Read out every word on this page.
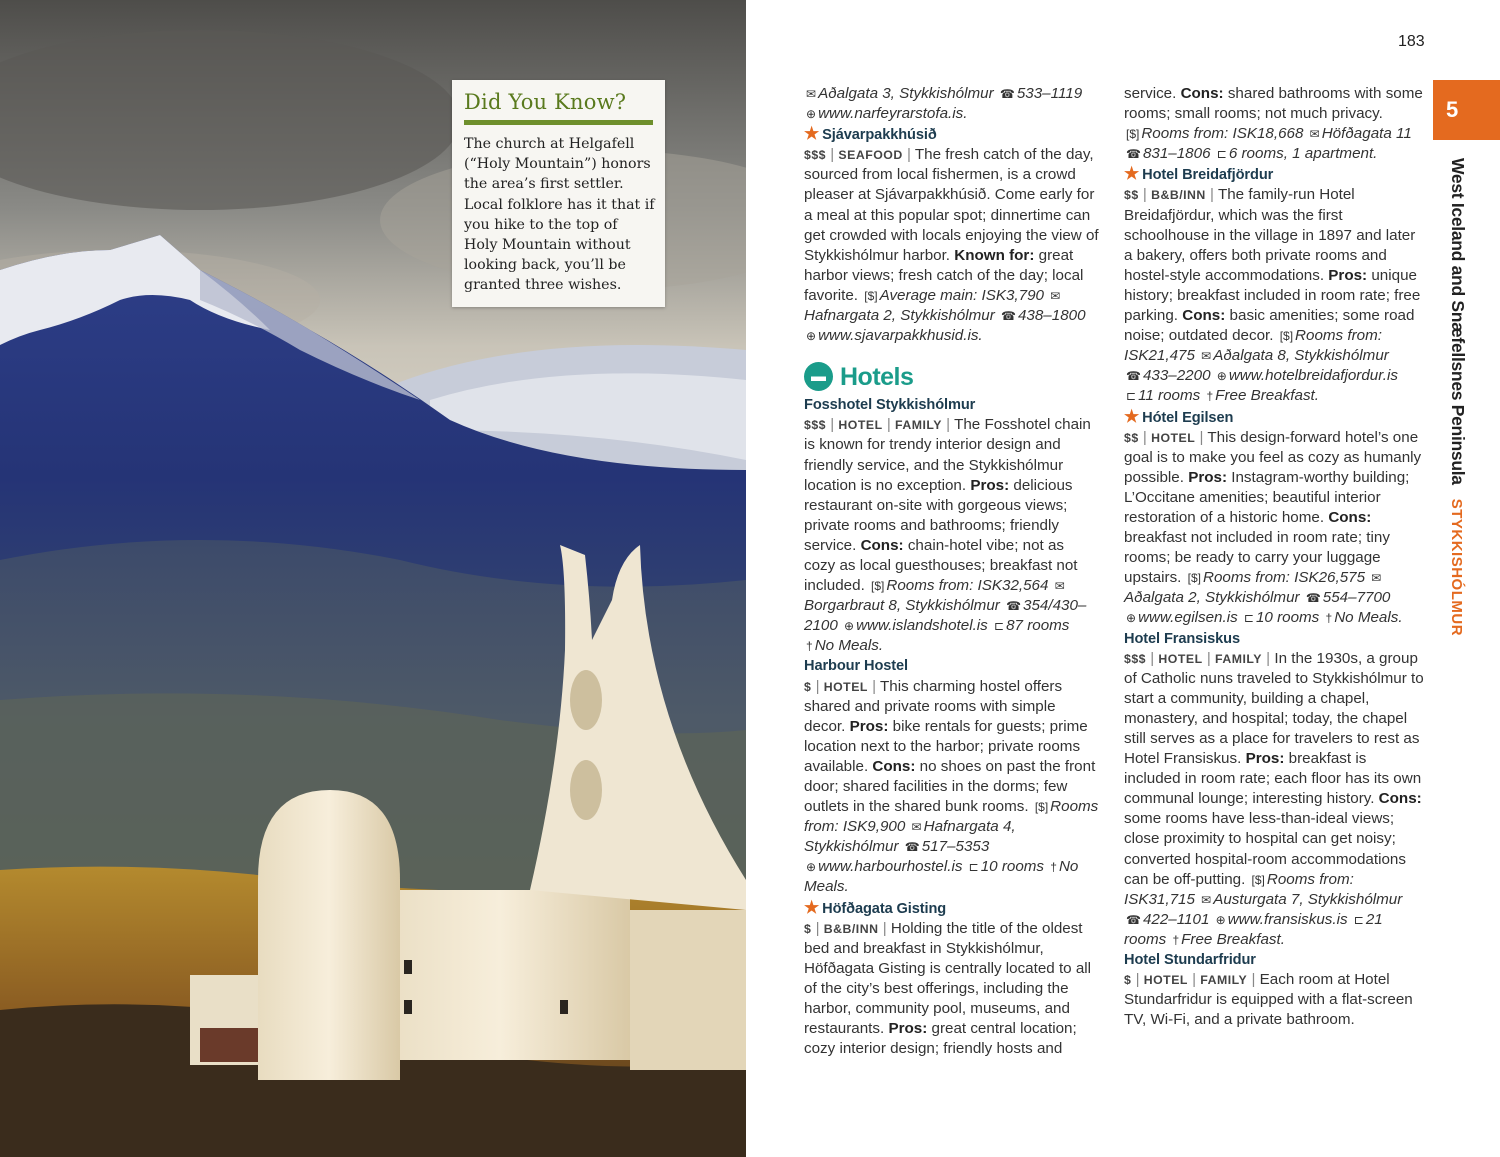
Did You Know?

The church at Helgafell (“Holy Mountain”) honors the area’s first settler. Local folklore has it that if you hike to the top of Holy Mountain without looking back, you’ll be granted three wishes.

183
5
West Iceland and Snæfellsnes PeninsulaSTYKKISHÓLMUR

✉ Aðalgata 3, Stykkishólmur ☎ 533–1119 ⊕ www.narfeyrarstofa.is.

★ Sjávarpakkhúsið

$$$ | SEAFOOD | The fresh catch of the day, sourced from local fishermen, is a crowd pleaser at Sjávarpakkhúsið. Come early for a meal at this popular spot; dinnertime can get crowded with locals enjoying the view of Stykkishólmur harbor. Known for: great harbor views; fresh catch of the day; local favorite. [$] Average main: ISK3,790 ✉Hafnargata 2, Stykkishólmur ☎ 438–1800 ⊕ www.sjavarpakkhusid.is.

▬ Hotels

Fosshotel Stykkishólmur

$$$ | HOTEL | FAMILY | The Fosshotel chain is known for trendy interior design and friendly service, and the Stykkishólmur location is no exception. Pros: delicious restaurant on-site with gorgeous views; private rooms and bathrooms; friendly service. Cons: chain-hotel vibe; not as cozy as local guesthouses; breakfast not included. [$] Rooms from: ISK32,564 ✉Borgarbraut 8, Stykkishólmur ☎ 354/430–2100 ⊕ www.islandshotel.is ⊏ 87 rooms † No Meals.

Harbour Hostel

$ | HOTEL | This charming hostel offers shared and private rooms with simple decor. Pros: bike rentals for guests; prime location next to the harbor; private rooms available. Cons: no shoes on past the front door; shared facilities in the dorms; few outlets in the shared bunk rooms. [$] Rooms from: ISK9,900 ✉ Hafnargata 4, Stykkishólmur ☎ 517–5353 ⊕ www.harbourhostel.is ⊏ 10 rooms † No Meals.

★ Höfðagata Gisting

$ | B&B/INN | Holding the title of the oldest bed and breakfast in Stykkishólmur, Höfðagata Gisting is centrally located to all of the city’s best offerings, including the harbor, community pool, museums, and restaurants. Pros: great central location; cozy interior design; friendly hosts and

service. Cons: shared bathrooms with some rooms; small rooms; not much privacy. [$] Rooms from: ISK18,668 ✉ Höfðagata 11 ☎ 831–1806 ⊏ 6 rooms, 1 apartment.

★ Hotel Breidafjördur

$$ | B&B/INN | The family-run Hotel Breidafjördur, which was the first schoolhouse in the village in 1897 and later a bakery, offers both private rooms and hostel-style accommodations. Pros: unique history; breakfast included in room rate; free parking. Cons: basic amenities; some road noise; outdated decor. [$] Rooms from: ISK21,475 ✉ Aðalgata 8, Stykkishólmur ☎ 433–2200 ⊕ www.hotelbreidafjordur.is ⊏ 11 rooms † Free Breakfast.

★ Hótel Egilsen

$$ | HOTEL | This design-forward hotel’s one goal is to make you feel as cozy as humanly possible. Pros: Instagram-worthy building; L’Occitane amenities; beautiful interior restoration of a historic home. Cons: breakfast not included in room rate; tiny rooms; be ready to carry your luggage upstairs. [$] Rooms from: ISK26,575 ✉Aðalgata 2, Stykkishólmur ☎ 554–7700 ⊕ www.egilsen.is ⊏ 10 rooms † No Meals.

Hotel Fransiskus

$$$ | HOTEL | FAMILY | In the 1930s, a group of Catholic nuns traveled to Stykkishólmur to start a community, building a chapel, monastery, and hospital; today, the chapel still serves as a place for travelers to rest as Hotel Fransiskus. Pros: breakfast is included in room rate; each floor has its own communal lounge; interesting history. Cons: some rooms have less-than-ideal views; close proximity to hospital can get noisy; converted hospital-room accommodations can be off-putting. [$] Rooms from: ISK31,715 ✉ Austurgata 7, Stykkishólmur ☎ 422–1101 ⊕ www.fransiskus.is ⊏ 21 rooms † Free Breakfast.

Hotel Stundarfridur

$ | HOTEL | FAMILY | Each room at Hotel Stundarfridur is equipped with a flat-screen TV, Wi-Fi, and a private bathroom.
